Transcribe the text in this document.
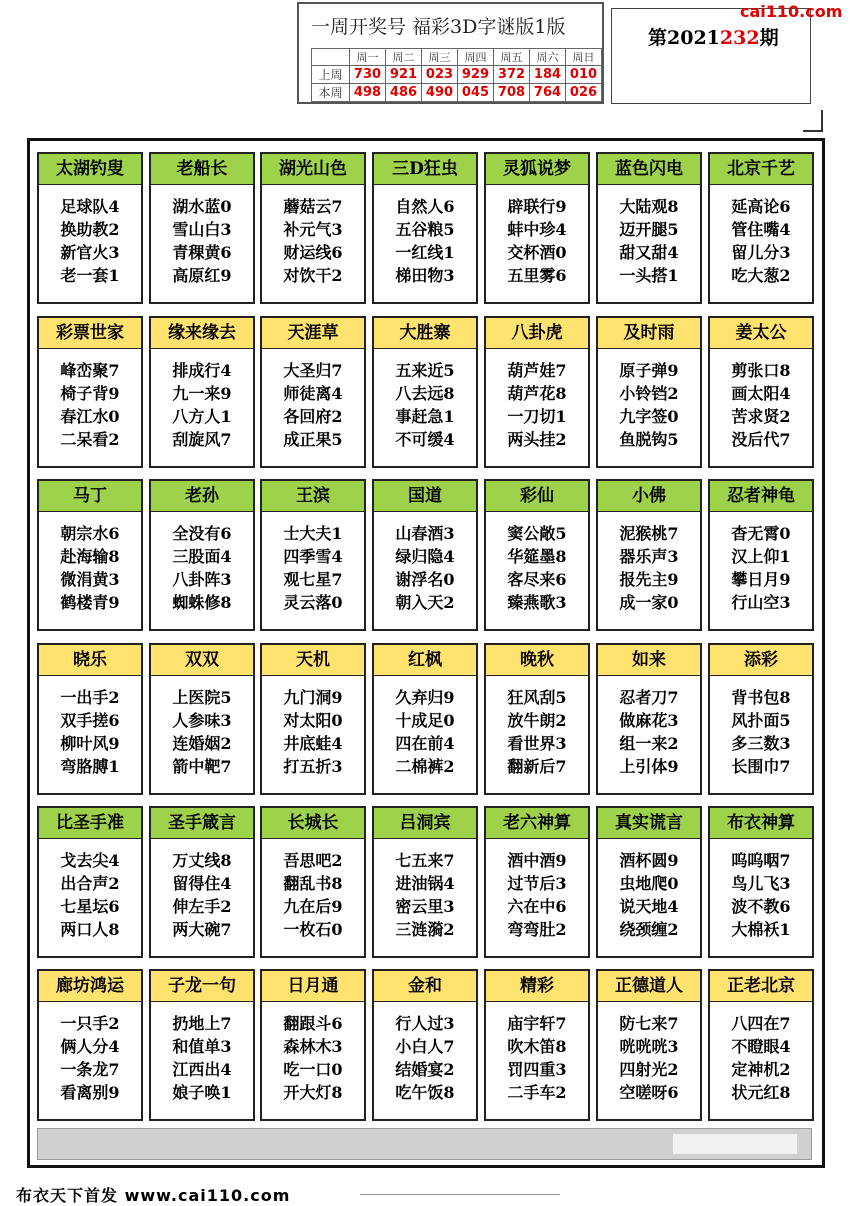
一周开奖号 福彩3D字谜版1版
	周一	周二	周三	周四	周五	周六	周日
上周	730	921	023	929	372	184	010
本周	498	486	490	045	708	764	026
第2021232期
cai110.com
太湖钓叟
足球队4
换助教2
新官火3
老一套1
老船长
湖水蓝0
雪山白3
青稞黄6
高原红9
湖光山色
蘑菇云7
补元气3
财运线6
对饮干2
三D狂虫
自然人6
五谷粮5
一红线1
梯田物3
灵狐说梦
辟联行9
蚌中珍4
交杯酒0
五里雾6
蓝色闪电
大陆观8
迈开腿5
甜又甜4
一头搭1
北京千艺
延高论6
管住嘴4
留儿分3
吃大葱2
彩票世家
峰峦聚7
椅子背9
春江水0
二呆看2
缘来缘去
排成行4
九一来9
八方人1
刮旋风7
天涯草
大圣归7
师徒离4
各回府2
成正果5
大胜寨
五来近5
八去远8
事赶急1
不可缓4
八卦虎
葫芦娃7
葫芦花8
一刀切1
两头挂2
及时雨
原子弹9
小铃铛2
九字签0
鱼脱钩5
姜太公
剪张口8
画太阳4
苦求贤2
没后代7
马丁
朝宗水6
赴海输8
微涓黄3
鹤楼青9
老孙
全没有6
三股面4
八卦阵3
蜘蛛修8
王滨
士大夫1
四季雪4
观七星7
灵云落0
国道
山春酒3
绿归隐4
谢浮名0
朝入天2
彩仙
窦公敞5
华筵墨8
客尽来6
臻燕歌3
小佛
泥猴桃7
器乐声3
报先主9
成一家0
忍者神龟
杳无霄0
汉上仰1
攀日月9
行山空3
晓乐
一出手2
双手搓6
柳叶风9
弯胳膊1
双双
上医院5
人参味3
连婚姻2
箭中靶7
天机
九门洞9
对太阳0
井底蛙4
打五折3
红枫
久弃归9
十成足0
四在前4
二棉裤2
晚秋
狂风刮5
放牛朗2
看世界3
翻新后7
如来
忍者刀7
做麻花3
组一来2
上引体9
添彩
背书包8
风扑面5
多三数3
长围巾7
比圣手准
戈去尖4
出合声2
七星坛6
两口人8
圣手箴言
万丈线8
留得住4
伸左手2
两大碗7
长城长
吾思吧2
翻乱书8
九在后9
一枚石0
吕洞宾
七五来7
进油锅4
密云里3
三涟漪2
老六神算
酒中酒9
过节后3
六在中6
弯弯肚2
真实谎言
酒杯圆9
虫地爬0
说天地4
绕颈缠2
布衣神算
呜呜咽7
鸟儿飞3
波不教6
大棉袄1
廊坊鸿运
一只手2
俩人分4
一条龙7
看离别9
子龙一句
扔地上7
和值单3
江西出4
娘子唤1
日月通
翻跟斗6
森林木3
吃一口0
开大灯8
金和
行人过3
小白人7
结婚宴2
吃午饭8
精彩
庙宇轩7
吹木笛8
罚四重3
二手车2
正德道人
防七来7
咣咣咣3
四射光2
空嗟呀6
正老北京
八四在7
不瞪眼4
定神机2
状元红8
布衣天下首发 www.cai110.com
